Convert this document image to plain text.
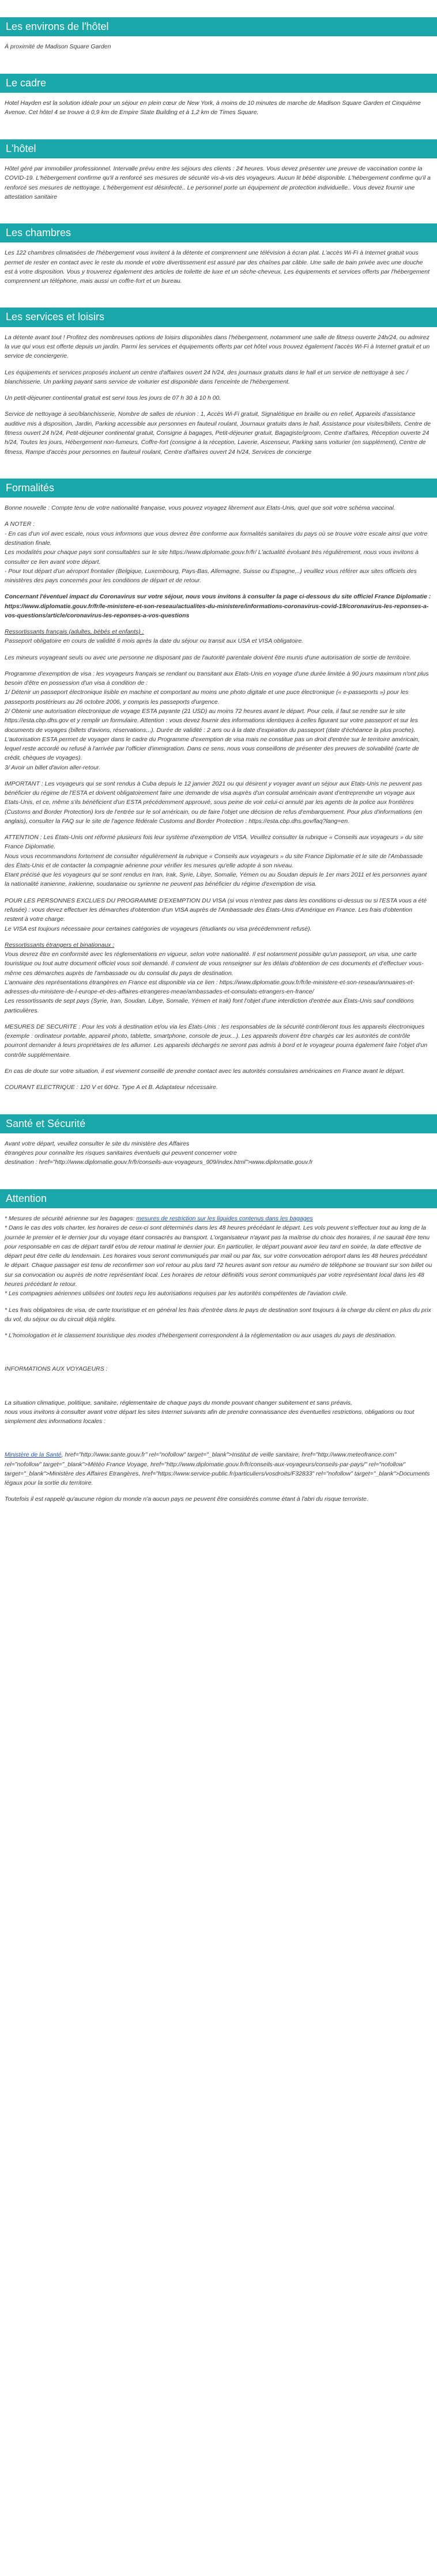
Les environs de l'hôtel

À proximité de Madison Square Garden

Le cadre

Hotel Hayden est la solution idéale pour un séjour en plein cœur de New York, à moins de 10 minutes de marche de Madison Square Garden et Cinquième Avenue. Cet hôtel 4 se trouve à 0,9 km de Empire State Building et à 1,2 km de Times Square.

L'hôtel

Hôtel géré par immobilier professionnel. Intervalle prévu entre les séjours des clients : 24 heures. Vous devez présenter une preuve de vaccination contre la COVID-19. L'hébergement confirme qu'il a renforcé ses mesures de sécurité vis-à-vis des voyageurs. Aucun lit bébé disponible. L'hébergement confirme qu'il a renforcé ses mesures de nettoyage. L'hébergement est désinfecté.. Le personnel porte un équipement de protection individuelle.. Vous devez fournir une attestation sanitaire

Les chambres

Les 122 chambres climatisées de l'hébergement vous invitent à la détente et comprennent une télévision à écran plat. L'accès Wi-Fi à Internet gratuit vous permet de rester en contact avec le reste du monde et votre divertissement est assuré par des chaînes par câble. Une salle de bain privée avec une douche est à votre disposition. Vous y trouverez également des articles de toilette de luxe et un sèche-cheveux. Les équipements et services offerts par l'hébergement comprennent un téléphone, mais aussi un coffre-fort et un bureau.

Les services et loisirs

La détente avant tout ! Profitez des nombreuses options de loisirs disponibles dans l'hébergement, notamment une salle de fitness ouverte 24h/24, ou admirez la vue qui vous est offerte depuis un jardin. Parmi les services et équipements offerts par cet hôtel vous trouvez également l'accès Wi-Fi à Internet gratuit et un service de conciergerie.

Les équipements et services proposés incluent un centre d'affaires ouvert 24 h/24, des journaux gratuits dans le hall et un service de nettoyage à sec / blanchisserie. Un parking payant sans service de voiturier est disponible dans l'enceinte de l'hébergement.

Un petit-déjeuner continental gratuit est servi tous les jours de 07 h 30 à 10 h 00.

Service de nettoyage à sec/blanchisserie, Nombre de salles de réunion : 1, Accès Wi-Fi gratuit, Signalétique en braille ou en relief, Appareils d'assistance auditive mis à disposition, Jardin, Parking accessible aux personnes en fauteuil roulant, Journaux gratuits dans le hall, Assistance pour visites/billets, Centre de fitness ouvert 24 h/24, Petit-déjeuner continental gratuit, Consigne à bagages, Petit-déjeuner gratuit, Bagagiste/groom, Centre d'affaires, Réception ouverte 24 h/24, Toutes les jours, Hébergement non-fumeurs, Coffre-fort (consigne à la réception, Laverie, Ascenseur, Parking sans voiturier (en supplément), Centre de fitness, Rampe d'accès pour personnes en fauteuil roulant, Centre d'affaires ouvert 24 h/24, Services de concierge

Formalités

Bonne nouvelle : Compte tenu de votre nationalité française, vous pouvez voyagez librement aux Etats-Unis, quel que soit votre schéma vaccinal.

A NOTER :

- En cas d'un vol avec escale, nous vous informons que vous devrez être conforme aux formalités sanitaires du pays où se trouve votre escale ainsi que votre destination finale.

Les modalités pour chaque pays sont consultables sur le site https://www.diplomatie.gouv.fr/fr/ L'actualité évoluant très régulièrement, nous vous invitons à consulter ce lien avant votre départ.

- Pour tout départ d'un aéroport frontalier (Belgique, Luxembourg, Pays-Bas, Allemagne, Suisse ou Espagne,..) veuillez vous référer aux sites officiels des ministères des pays concernés pour les conditions de départ et de retour.

Concernant l'éventuel impact du Coronavirus sur votre séjour, nous vous invitons à consulter la page ci-dessous du site officiel France Diplomatie : https://www.diplomatie.gouv.fr/fr/le-ministere-et-son-reseau/actualites-du-ministere/informations-coronavirus-covid-19/coronavirus-les-reponses-a-vos-questions/article/coronavirus-les-reponses-a-vos-questions

Ressortissants français (adultes, bébés et enfants) :

Passeport obligatoire en cours de validité 6 mois après la date du séjour ou transit aux USA et VISA obligatoire.

Les mineurs voyageant seuls ou avec une personne ne disposant pas de l'autorité parentale doivent être munis d'une autorisation de sortie de territoire.

Programme d'exemption de visa : les voyageurs français se rendant ou transitant aux Etats-Unis en voyage d'une durée limitée à 90 jours maximum n'ont plus besoin d'être en possession d'un visa à condition de :

1/ Détenir un passeport électronique lisible en machine et comportant au moins une photo digitale et une puce électronique (« e-passeports ») pour les passeports postérieurs au 26 octobre 2006, y compris les passeports d'urgence.

2/ Obtenir une autorisation électronique de voyage ESTA payante (21 USD) au moins 72 heures avant le départ. Pour cela, il faut se rendre sur le site https://esta.cbp.dhs.gov et y remplir un formulaire. Attention : vous devez fournir des informations identiques à celles figurant sur votre passeport et sur les documents de voyages (billets d'avions, réservations,..). Durée de validité : 2 ans ou à la date d'expiration du passeport (date d'échéance la plus proche). L'autorisation ESTA permet de voyager dans le cadre du Programme d'exemption de visa mais ne constitue pas un droit d'entrée sur le territoire américain, lequel reste accordé ou refusé à l'arrivée par l'officier d'immigration. Dans ce sens, nous vous conseillons de présenter des preuves de solvabilité (carte de crédit, chèques de voyages).

3/ Avoir un billet d'avion aller-retour.

IMPORTANT : Les voyageurs qui se sont rendus à Cuba depuis le 12 janvier 2021 ou qui désirent y voyager avant un séjour aux Etats-Unis ne peuvent pas bénéficier du régime de l'ESTA et doivent obligatoirement faire une demande de visa auprès d'un consulat américain avant d'entreprendre un voyage aux Etats-Unis, et ce, même s'ils bénéficient d'un ESTA précédemment approuvé, sous peine de voir celui-ci annulé par les agents de la police aux frontières (Customs and Border Protection) lors de l'entrée sur le sol américain, ou de faire l'objet une décision de refus d'embarquement. Pour plus d'informations (en anglais), consulter la FAQ sur le site de l'agence fédérale Customs and Border Protection : https://esta.cbp.dhs.gov/faq?lang=en.

ATTENTION : Les États-Unis ont réformé plusieurs fois leur système d'exemption de VISA. Veuillez consulter la rubrique « Conseils aux voyageurs » du site France Diplomatie.

Nous vous recommandons fortement de consulter régulièrement la rubrique « Conseils aux voyageurs » du site France Diplomatie et le site de l'Ambassade des États-Unis et de contacter la compagnie aérienne pour vérifier les mesures qu'elle adopte à son niveau.

Etant précisé que les voyageurs qui se sont rendus en Iran, Irak, Syrie, Libye, Somalie, Yémen ou au Soudan depuis le 1er mars 2011 et les personnes ayant la nationalité iranienne, irakienne, soudanaise ou syrienne ne peuvent pas bénéficier du régime d'exemption de visa.

POUR LES PERSONNES EXCLUES DU PROGRAMME D'EXEMPTION DU VISA (si vous n'entrez pas dans les conditions ci-dessus ou si l'ESTA vous a été refusée) : vous devez effectuer les démarches d'obtention d'un VISA auprès de l'Ambassade des États-Unis d'Amérique en France. Les frais d'obtention restent à votre charge.

Le VISA est toujours nécessaire pour certaines catégories de voyageurs (étudiants ou visa précédemment refusé).

Ressortissants étrangers et binationaux :

Vous devrez être en conformité avec les réglementations en vigueur, selon votre nationalité. Il est notamment possible qu'un passeport, un visa, une carte touristique ou tout autre document officiel vous soit demandé. Il convient de vous renseigner sur les délais d'obtention de ces documents et d'effectuer vous-même ces démarches auprès de l'ambassade ou du consulat du pays de destination.

L'annuaire des représentations étrangères en France est disponible via ce lien : https://www.diplomatie.gouv.fr/fr/le-ministere-et-son-reseau/annuaires-et-adresses-du-ministere-de-l-europe-et-des-affaires-etrangeres-meae/ambassades-et-consulats-etrangers-en-france/

Les ressortissants de sept pays (Syrie, Iran, Soudan, Libye, Somalie, Yémen et Irak) font l'objet d'une interdiction d'entrée aux États-Unis sauf conditions particulières.

MESURES DE SECURITE : Pour les vols à destination et/ou via les États-Unis : les responsables de la sécurité contrôleront tous les appareils électroniques (exemple : ordinateur portable, appareil photo, tablette, smartphone, console de jeux...). Les appareils doivent être chargés car les autorités de contrôle pourront demander à leurs propriétaires de les allumer. Les appareils déchargés ne seront pas admis à bord et le voyageur pourra également faire l'objet d'un contrôle supplémentaire.

En cas de doute sur votre situation, il est vivement conseillé de prendre contact avec les autorités consulaires américaines en France avant le départ.

COURANT ELECTRIQUE : 120 V et 60Hz. Type A et B. Adaptateur nécessaire.

Santé et Sécurité

Avant votre départ, veuillez consulter le site du ministère des Affaires

étrangères pour connaître les risques sanitaires éventuels qui peuvent concerner votre

destination : href="http://www.diplomatie.gouv.fr/fr/conseils-aux-voyageurs_909/index.html">www.diplomatie.gouv.fr

Attention

* Mesures de sécurité aérienne sur les bagages: mesures de restriction sur les liquides contenus dans les bagages
* Dans le cas des vols charter, les horaires de ceux-ci sont déterminés dans les 48 heures précédant le départ. Les vols peuvent s'effectuer tout au long de la journée le premier et le dernier jour du voyage étant consacrés au transport. L'organisateur n'ayant pas la maîtrise du choix des horaires, il ne saurait être tenu pour responsable en cas de départ tardif et/ou de retour matinal le dernier jour. En particulier, le départ pouvant avoir lieu tard en soirée, la date effective de départ peut être celle du lendemain. Les horaires vous seront communiqués par mail ou par fax, sur votre convocation aéroport dans les 48 heures précédant le départ. Chaque passager est tenu de reconfirmer son vol retour au plus tard 72 heures avant son retour au numéro de téléphone se trouvant sur son billet ou sur sa convocation ou auprès de notre représentant local. Les horaires de retour définitifs vous seront communiqués par votre représentant local dans les 48 heures précédant le retour.
* Les compagnies aériennes utilisées ont toutes reçu les autorisations requises par les autorités compétentes de l'aviation civile.

* Les frais obligatoires de visa, de carte touristique et en général les frais d'entrée dans le pays de destination sont toujours à la charge du client en plus du prix du vol, du séjour ou du circuit déjà réglés.

* L'homologation et le classement touristique des modes d'hébergement correspondent à la réglementation ou aux usages du pays de destination.

INFORMATIONS AUX VOYAGEURS :

La situation climatique, politique, sanitaire, réglementaire de chaque pays du monde pouvant changer subitement et sans préavis,

nous vous invitons à consulter avant votre départ les sites Internet suivants afin de prendre connaissance des éventuelles restrictions, obligations ou tout simplement des informations locales :

Ministère de la Santé, href="http://www.sante.gouv.fr" rel="nofollow" target="_blank">Institut de veille sanitaire, href="http://www.meteofrance.com" rel="nofollow" target="_blank">Météo France Voyage, href="http://www.diplomatie.gouv.fr/fr/conseils-aux-voyageurs/conseils-par-pays/" rel="nofollow" target="_blank">Ministère des Affaires Etrangères, href="https://www.service-public.fr/particuliers/vosdroits/F32833" rel="nofollow" target="_blank">Documents légaux pour la sortie du territoire.

Toutefois il est rappelé qu'aucune région du monde n'a aucun pays ne peuvent être considérés comme étant à l'abri du risque terroriste.
